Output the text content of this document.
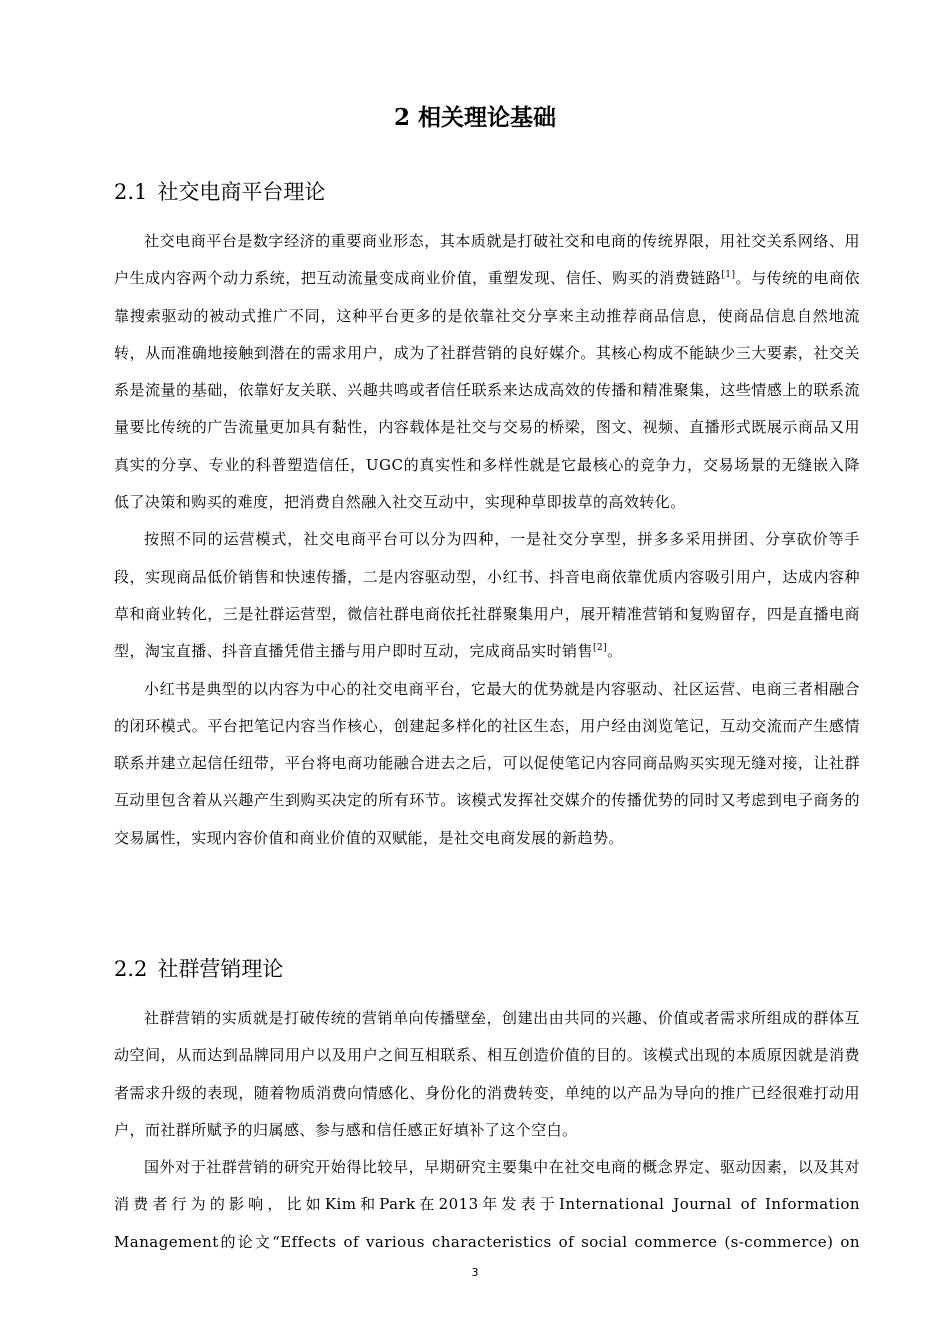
2 相关理论基础
2.1 社交电商平台理论

社交电商平台是数字经济的重要商业形态，其本质就是打破社交和电商的传统界限，用社交关系网络、用户生成内容两个动力系统，把互动流量变成商业价值，重塑发现、信任、购买的消费链路[1]。与传统的电商依靠搜索驱动的被动式推广不同，这种平台更多的是依靠社交分享来主动推荐商品信息，使商品信息自然地流转，从而准确地接触到潜在的需求用户，成为了社群营销的良好媒介。其核心构成不能缺少三大要素，社交关系是流量的基础，依靠好友关联、兴趣共鸣或者信任联系来达成高效的传播和精准聚集，这些情感上的联系流量要比传统的广告流量更加具有黏性，内容载体是社交与交易的桥梁，图文、视频、直播形式既展示商品又用真实的分享、专业的科普塑造信任，UGC的真实性和多样性就是它最核心的竞争力，交易场景的无缝嵌入降低了决策和购买的难度，把消费自然融入社交互动中，实现种草即拔草的高效转化。

按照不同的运营模式，社交电商平台可以分为四种，一是社交分享型，拼多多采用拼团、分享砍价等手段，实现商品低价销售和快速传播，二是内容驱动型，小红书、抖音电商依靠优质内容吸引用户，达成内容种草和商业转化，三是社群运营型，微信社群电商依托社群聚集用户，展开精准营销和复购留存，四是直播电商型，淘宝直播、抖音直播凭借主播与用户即时互动，完成商品实时销售[2]。

小红书是典型的以内容为中心的社交电商平台，它最大的优势就是内容驱动、社区运营、电商三者相融合的闭环模式。平台把笔记内容当作核心，创建起多样化的社区生态，用户经由浏览笔记，互动交流而产生感情联系并建立起信任纽带，平台将电商功能融合进去之后，可以促使笔记内容同商品购买实现无缝对接，让社群互动里包含着从兴趣产生到购买决定的所有环节。该模式发挥社交媒介的传播优势的同时又考虑到电子商务的交易属性，实现内容价值和商业价值的双赋能，是社交电商发展的新趋势。

2.2 社群营销理论

社群营销的实质就是打破传统的营销单向传播壁垒，创建出由共同的兴趣、价值或者需求所组成的群体互动空间，从而达到品牌同用户以及用户之间互相联系、相互创造价值的目的。该模式出现的本质原因就是消费者需求升级的表现，随着物质消费向情感化、身份化的消费转变，单纯的以产品为导向的推广已经很难打动用户，而社群所赋予的归属感、参与感和信任感正好填补了这个空白。

国外对于社群营销的研究开始得比较早，早期研究主要集中在社交电商的概念界定、驱动因素，以及其对消费者行为的影响，比如Kim和Park在2013年发表于International Journal of Information Management的论文“Effects of various characteristics of social commerce (s-commerce) on

3
